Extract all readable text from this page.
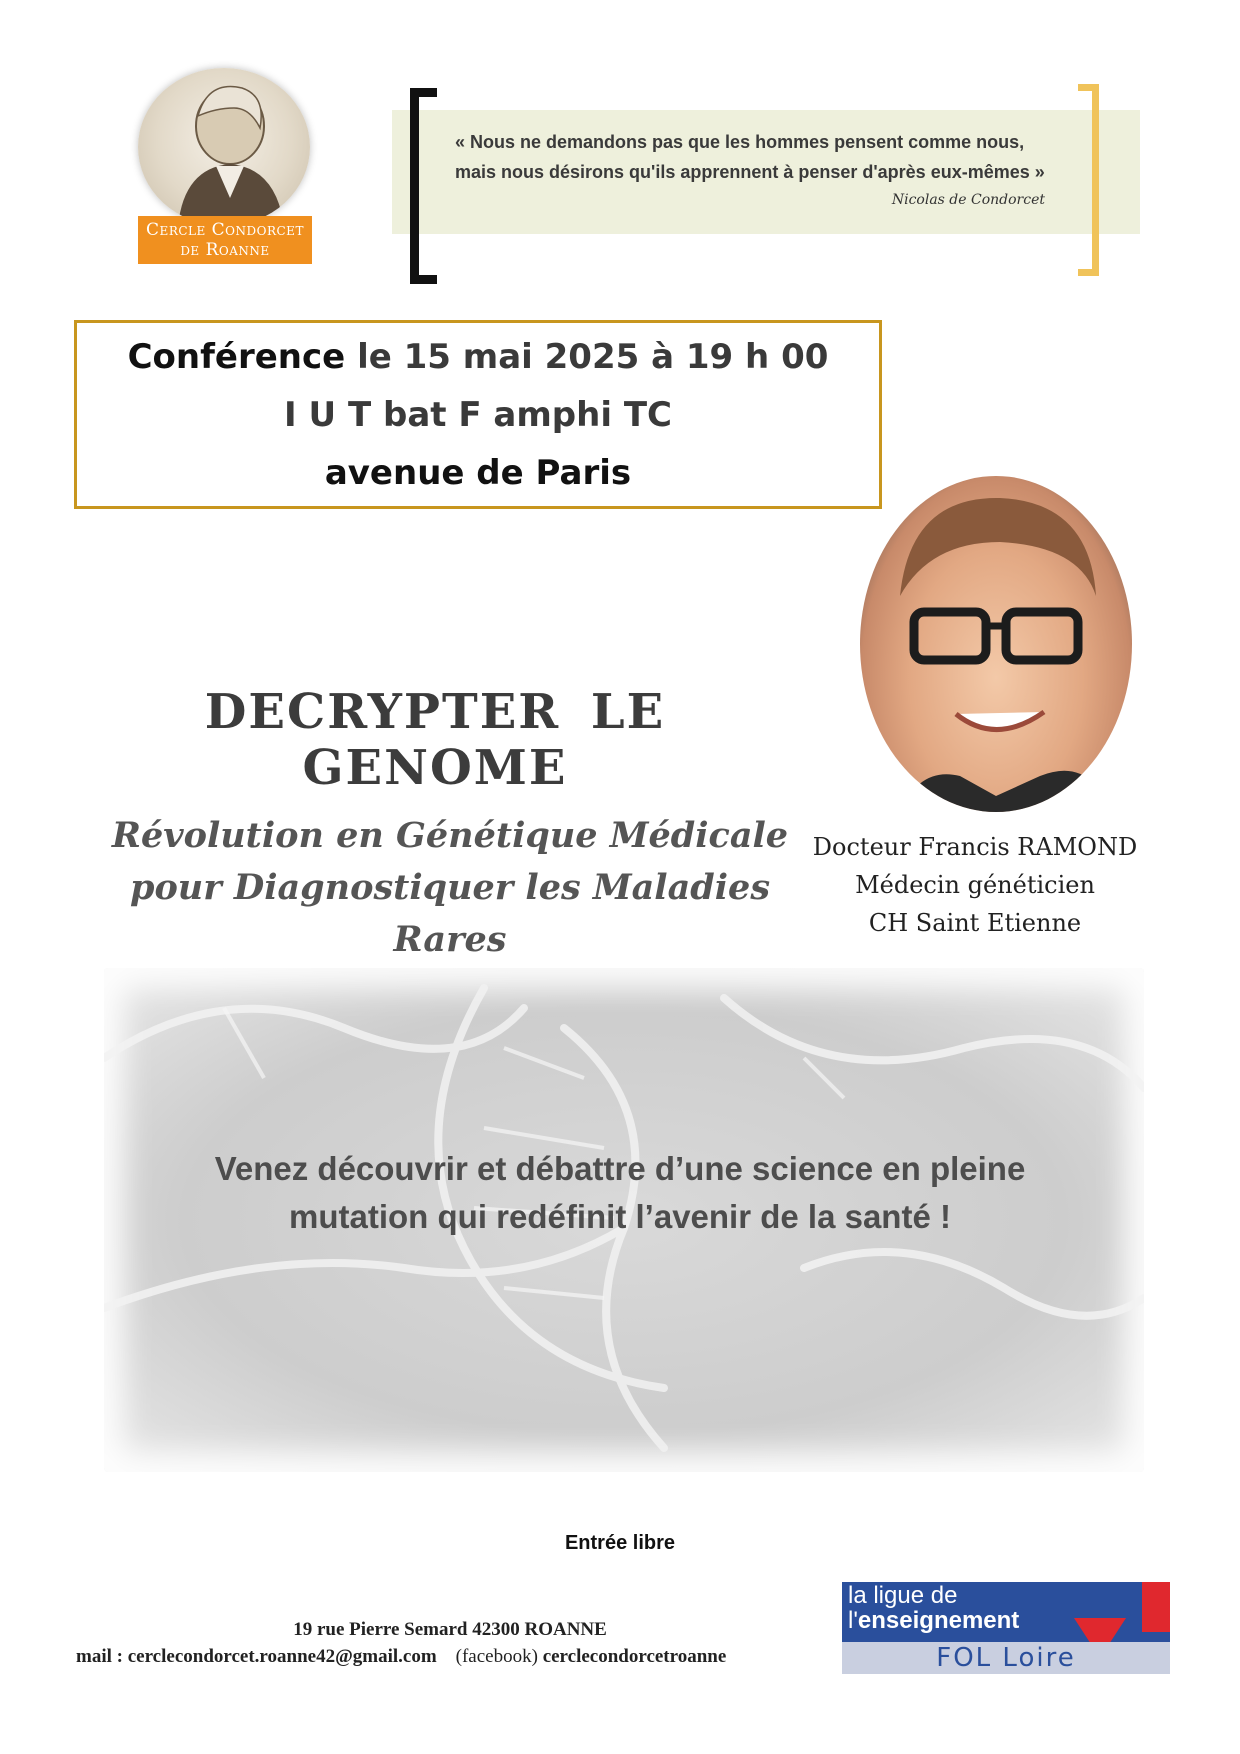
Cercle Condorcet
de Roanne
« Nous ne demandons pas que les hommes pensent comme nous,
mais nous désirons qu'ils apprennent à penser d'après eux-mêmes »
Nicolas de Condorcet
Conférence le 15 mai 2025 à 19 h 00
I U T bat F amphi TC
avenue de Paris
Docteur Francis RAMOND
Médecin généticien
CH Saint Etienne
DECRYPTER LE GENOME
Révolution en Génétique Médicale
pour Diagnostiquer les Maladies
Rares
Venez découvrir et débattre d’une science en pleine
mutation qui redéfinit l’avenir de la santé !
Entrée libre
19 rue Pierre Semard 42300 ROANNE
mail : cerclecondorcet.roanne42@gmail.com (facebook) cerclecondorcetroanne
la ligue de
l'enseignement
FOL Loire
